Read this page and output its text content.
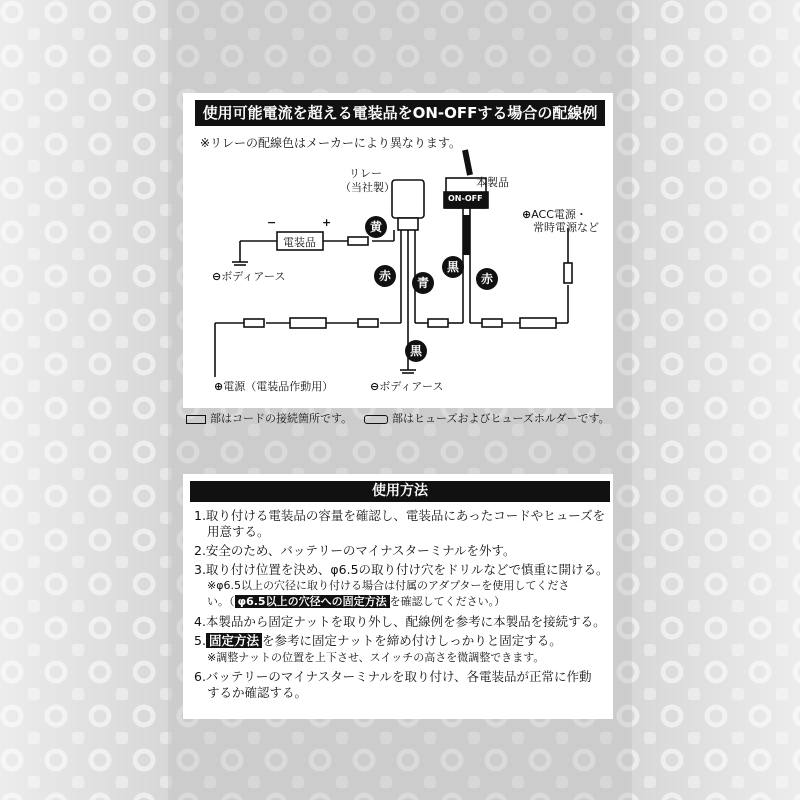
使用可能電流を超える電装品をON-OFFする場合の配線例
※リレーの配線色はメーカーにより異なります。
リレー
（当社製）	本製品
ON-OFF
⊕ACC電源・
常時電源など
電装品
−	+
⊖ボディアース
⊕電源（電装品作動用）	⊖ボディアース
黄
赤	青
黒
赤
黒
部はコードの接続箇所です。	部はヒューズおよびヒューズホルダーです。
使用方法
1.取り付ける電装品の容量を確認し、電装品にあったコードやヒューズを
用意する。
2.安全のため、バッテリーのマイナスターミナルを外す。
3.取り付け位置を決め、φ6.5の取り付け穴をドリルなどで慎重に開ける。
※φ6.5以上の穴径に取り付ける場合は付属のアダプターを使用してくださ
い。（ φ6.5以上の穴径への固定方法 を確認してください。）
4.本製品から固定ナットを取り外し、配線例を参考に本製品を接続する。
5. 固定方法 を参考に固定ナットを締め付けしっかりと固定する。
※調整ナットの位置を上下させ、スイッチの高さを微調整できます。
6.バッテリーのマイナスターミナルを取り付け、各電装品が正常に作動
するか確認する。
